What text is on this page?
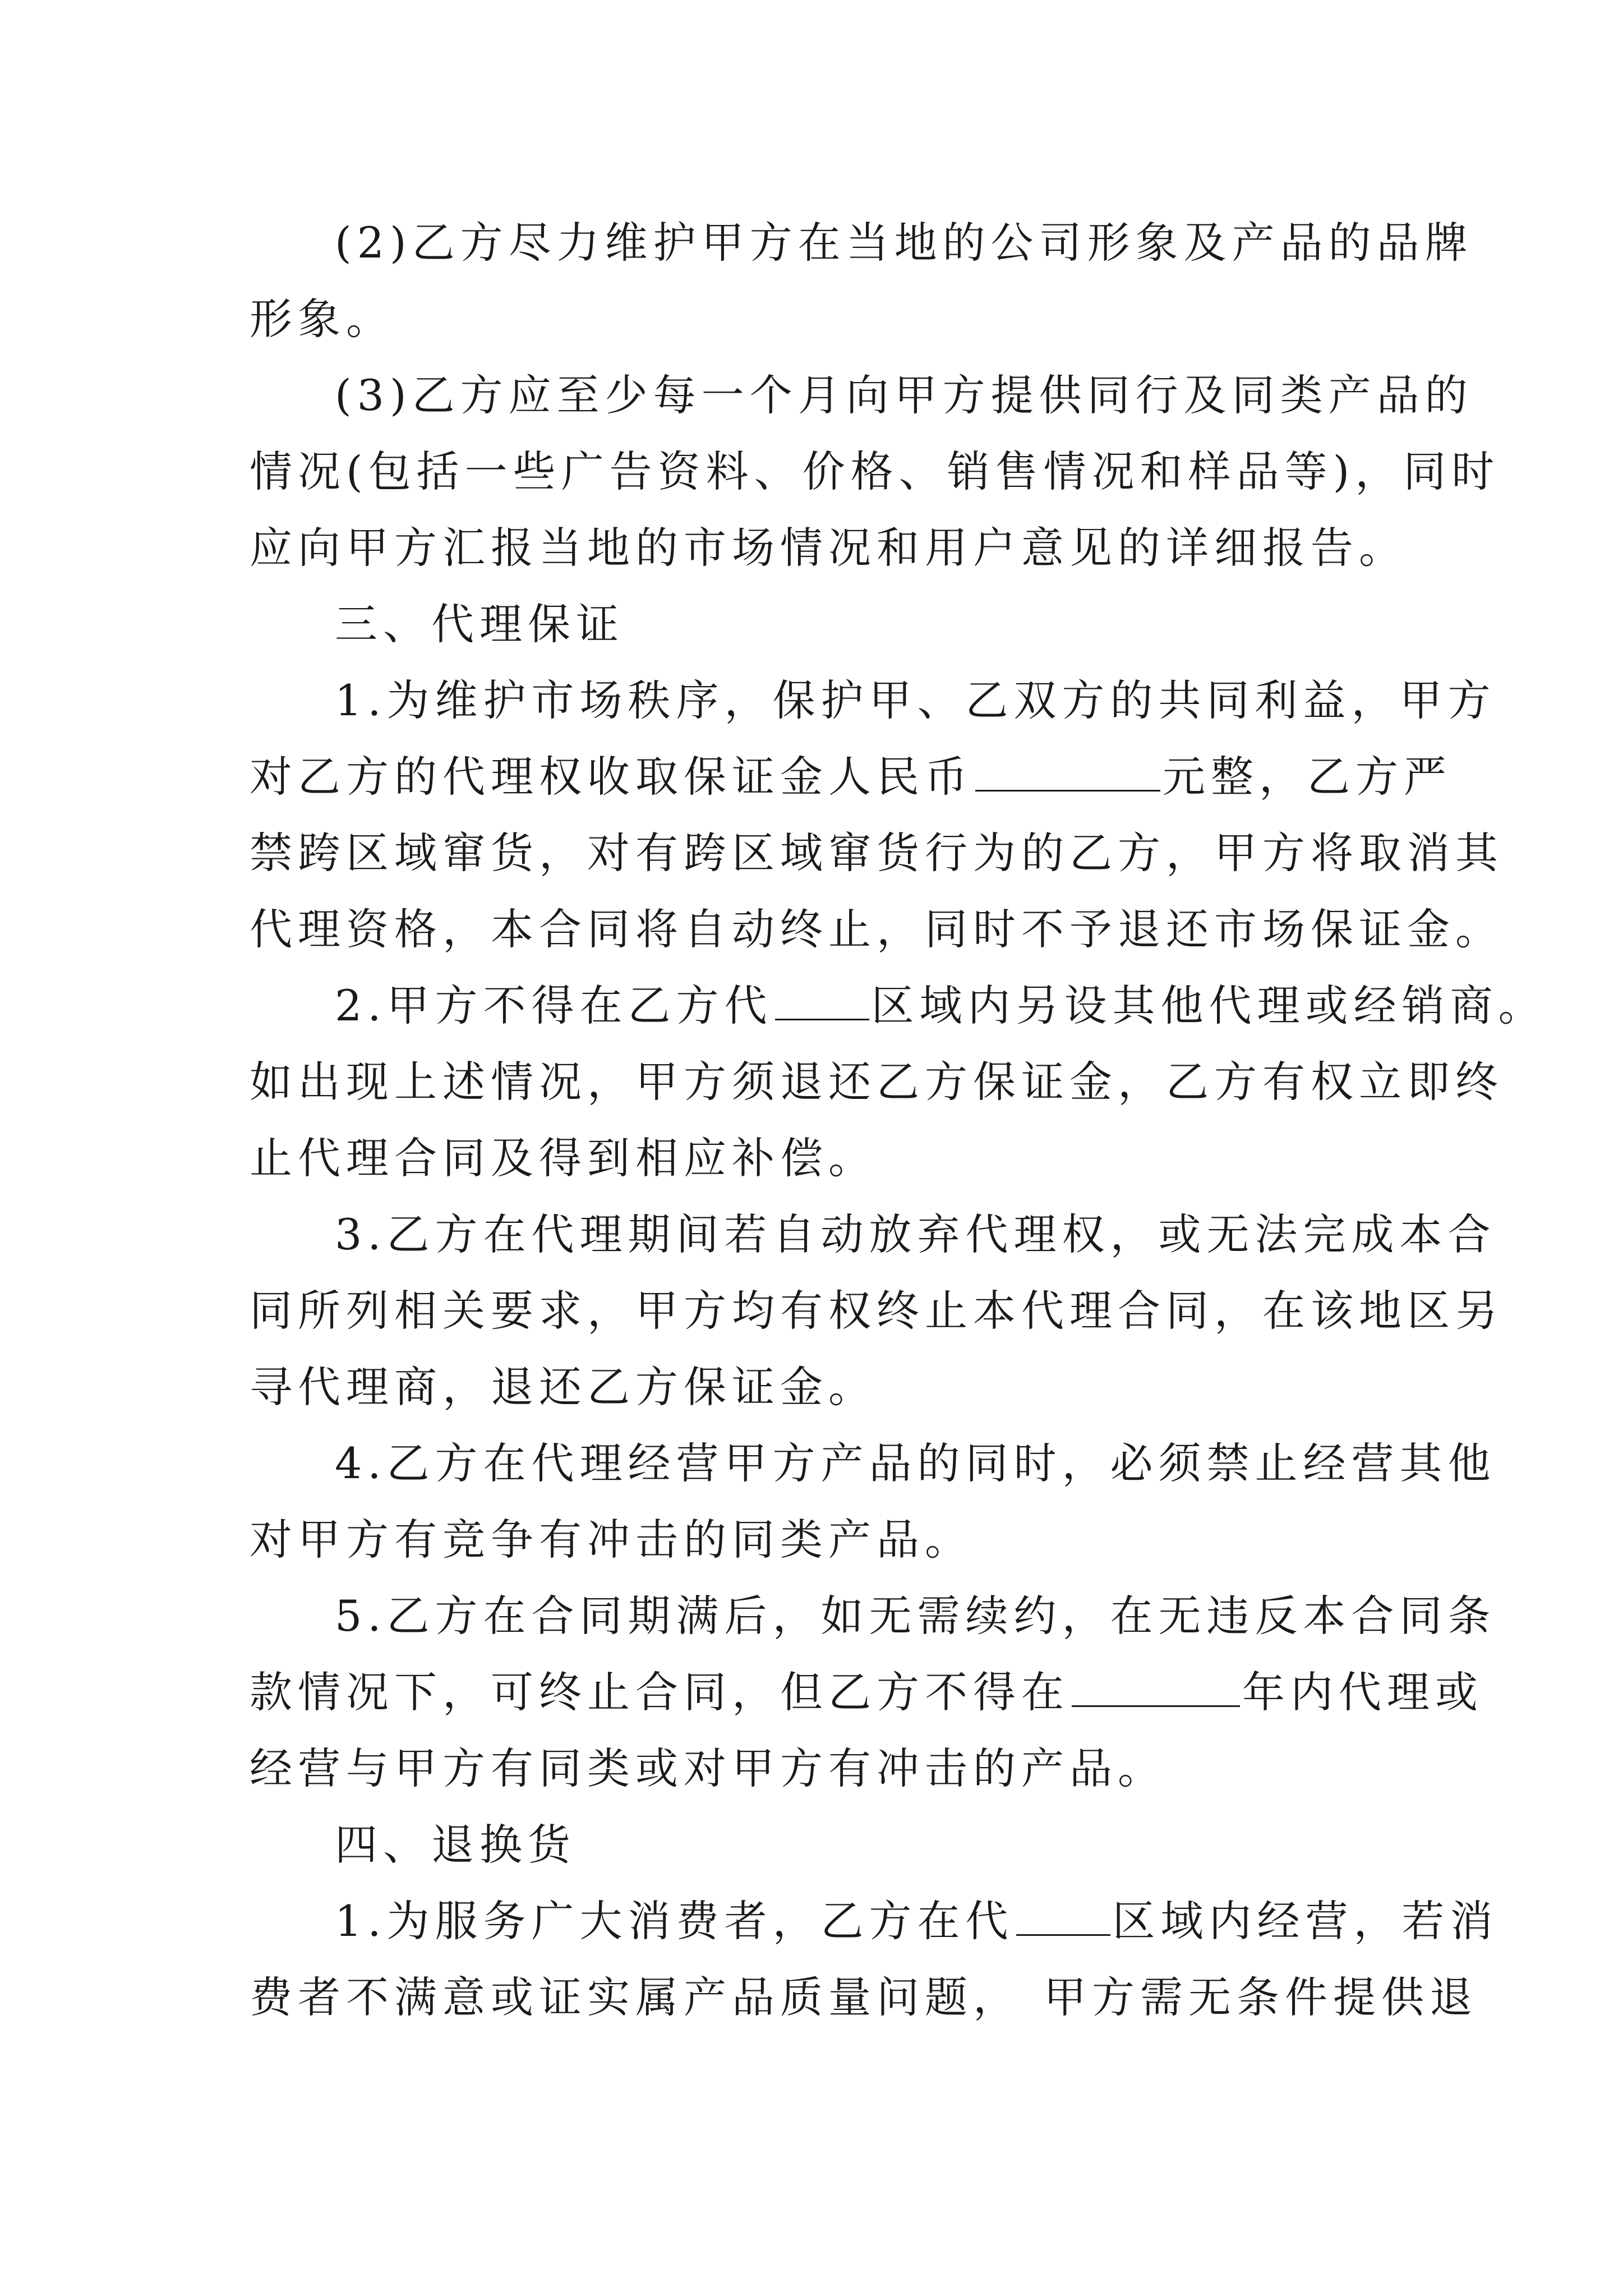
(2)乙方尽力维护甲方在当地的公司形象及产品的品牌
形象。
(3)乙方应至少每一个月向甲方提供同行及同类产品的
情况(包括一些广告资料、价格、销售情况和样品等)，同时
应向甲方汇报当地的市场情况和用户意见的详细报告。
三、代理保证
1.为维护市场秩序，保护甲、乙双方的共同利益，甲方
对乙方的代理权收取保证金人民币	元整，乙方严
禁跨区域窜货，对有跨区域窜货行为的乙方，甲方将取消其
代理资格，本合同将自动终止，同时不予退还市场保证金。
2.甲方不得在乙方代 区域内另设其他代理或经销商。
如出现上述情况，甲方须退还乙方保证金，乙方有权立即终
止代理合同及得到相应补偿。
3.乙方在代理期间若自动放弃代理权，或无法完成本合
同所列相关要求，甲方均有权终止本代理合同，在该地区另
寻代理商，退还乙方保证金。
4.乙方在代理经营甲方产品的同时，必须禁止经营其他
对甲方有竞争有冲击的同类产品。
5.乙方在合同期满后，如无需续约，在无违反本合同条
款情况下，可终止合同，但乙方不得在	年内代理或
经营与甲方有同类或对甲方有冲击的产品。
四、退换货
1.为服务广大消费者，乙方在代 区域内经营，若消
费者不满意或证实属产品质量问题， 甲方需无条件提供退
